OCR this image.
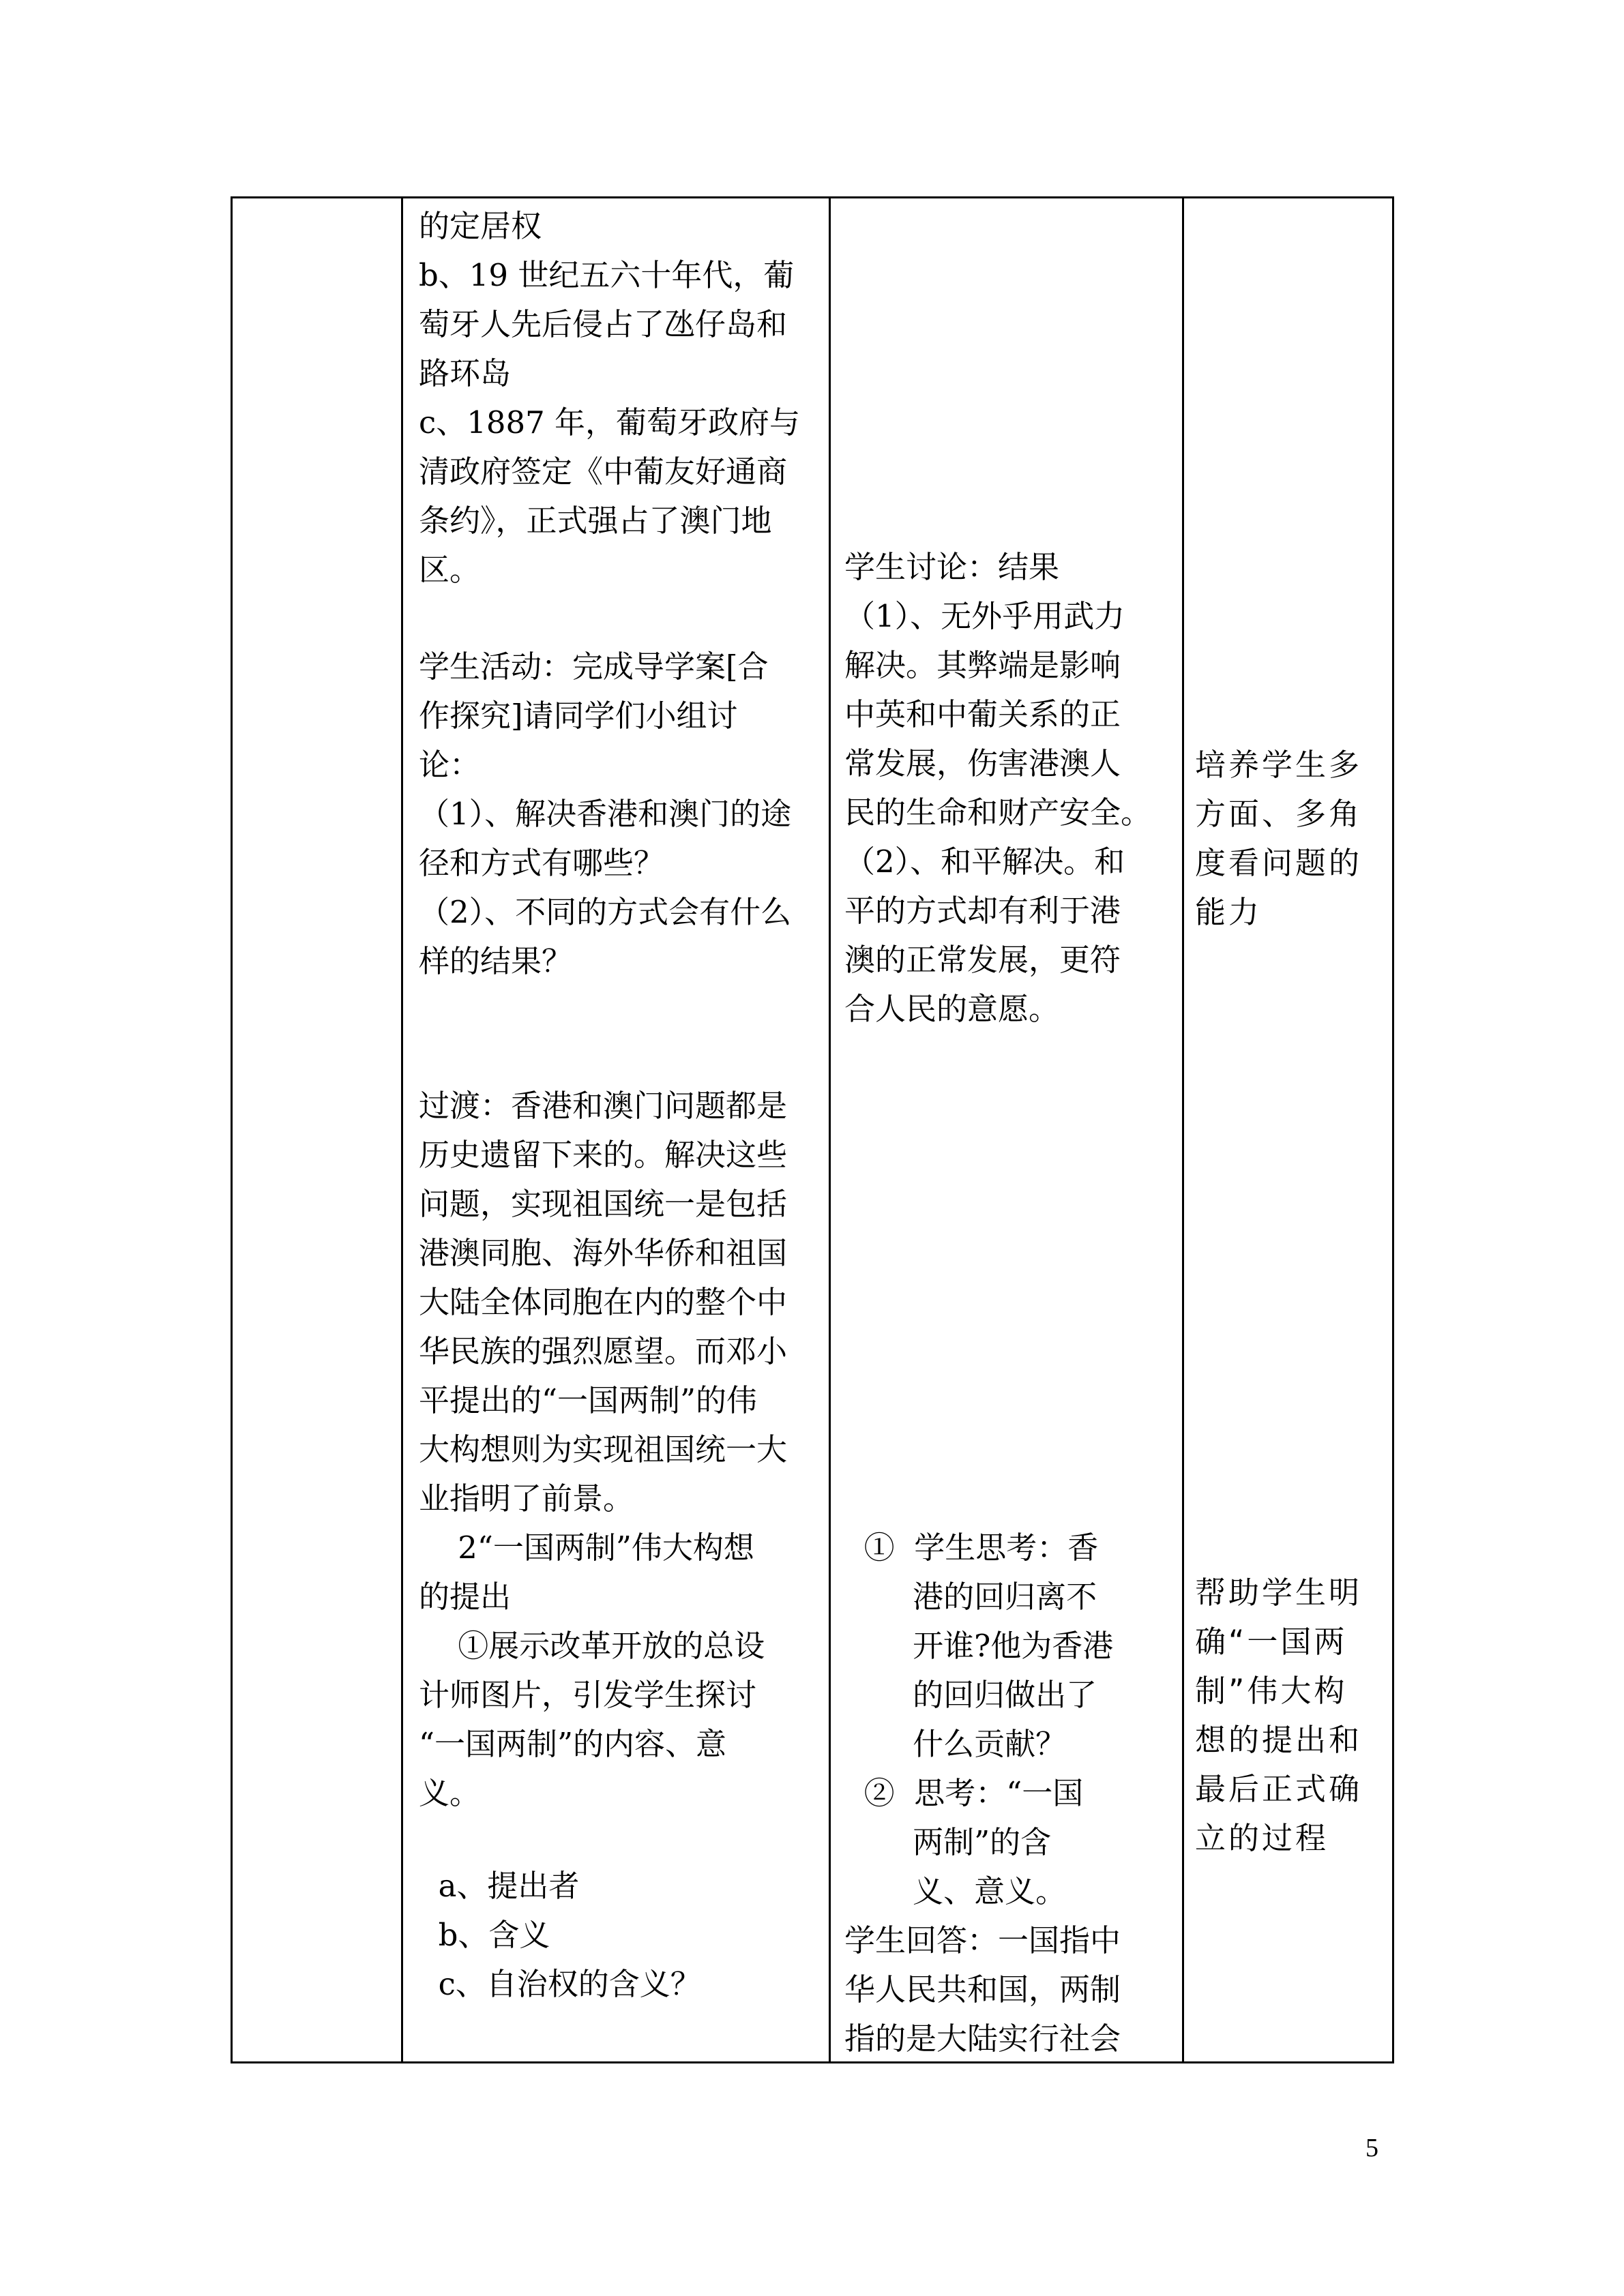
的定居权
b、19 世纪五六十年代，葡
萄牙人先后侵占了氹仔岛和
路环岛
c、1887 年，葡萄牙政府与
清政府签定《中葡友好通商
条约》，正式强占了澳门地
区。
学生活动：完成导学案[合
作探究]请同学们小组讨
论：
（1）、解决香港和澳门的途
径和方式有哪些？
（2）、不同的方式会有什么
样的结果？
过渡：香港和澳门问题都是
历史遗留下来的。解决这些
问题，实现祖国统一是包括
港澳同胞、海外华侨和祖国
大陆全体同胞在内的整个中
华民族的强烈愿望。而邓小
平提出的“一国两制”的伟
大构想则为实现祖国统一大
业指明了前景。
2“一国两制”伟大构想
的提出
①展示改革开放的总设
计师图片，引发学生探讨
“一国两制”的内容、意
义。
a、提出者
b、含义
c、自治权的含义？
学生讨论：结果
（1）、无外乎用武力
解决。其弊端是影响
中英和中葡关系的正
常发展，伤害港澳人
民的生命和财产安全。
（2）、和平解决。和
平的方式却有利于港
澳的正常发展，更符
合人民的意愿。
①  学生思考：香
港的回归离不
开谁?他为香港
的回归做出了
什么贡献？
②  思考：“一国
两制”的含
义、意义。
学生回答：一国指中
华人民共和国，两制
指的是大陆实行社会
培养学生多
方面、多角
度看问题的
能力
帮助学生明
确“一国两
制”伟大构
想的提出和
最后正式确
立的过程
5
